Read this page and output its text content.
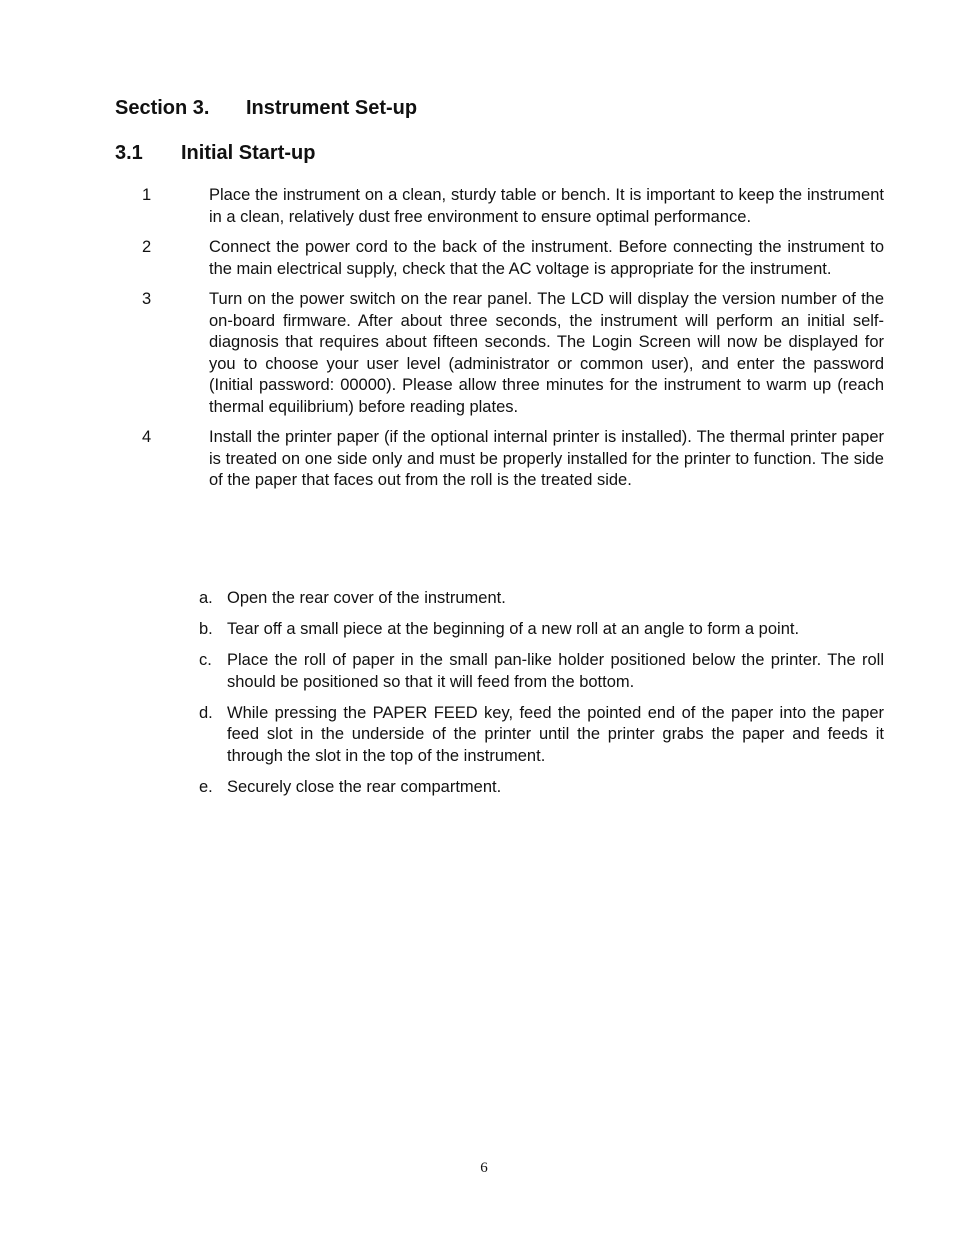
Section 3. Instrument Set-up
3.1 Initial Start-up
1	Place the instrument on a clean, sturdy table or bench. It is important to keep the instrument in a clean, relatively dust free environment to ensure optimal performance.
2	Connect the power cord to the back of the instrument. Before connecting the instrument to the main electrical supply, check that the AC voltage is appropriate for the instrument.
3	Turn on the power switch on the rear panel. The LCD will display the version number of the on-board firmware. After about three seconds, the instrument will perform an initial self-diagnosis that requires about fifteen seconds. The Login Screen will now be displayed for you to choose your user level (administrator or common user), and enter the password (Initial password: 00000). Please allow three minutes for the instrument to warm up (reach thermal equilibrium) before reading plates.
4	Install the printer paper (if the optional internal printer is installed). The thermal printer paper is treated on one side only and must be properly installed for the printer to function. The side of the paper that faces out from the roll is the treated side.
a. Open the rear cover of the instrument.
b. Tear off a small piece at the beginning of a new roll at an angle to form a point.
c. Place the roll of paper in the small pan-like holder positioned below the printer. The roll should be positioned so that it will feed from the bottom.
d. While pressing the PAPER FEED key, feed the pointed end of the paper into the paper feed slot in the underside of the printer until the printer grabs the paper and feeds it through the slot in the top of the instrument.
e. Securely close the rear compartment.

6
